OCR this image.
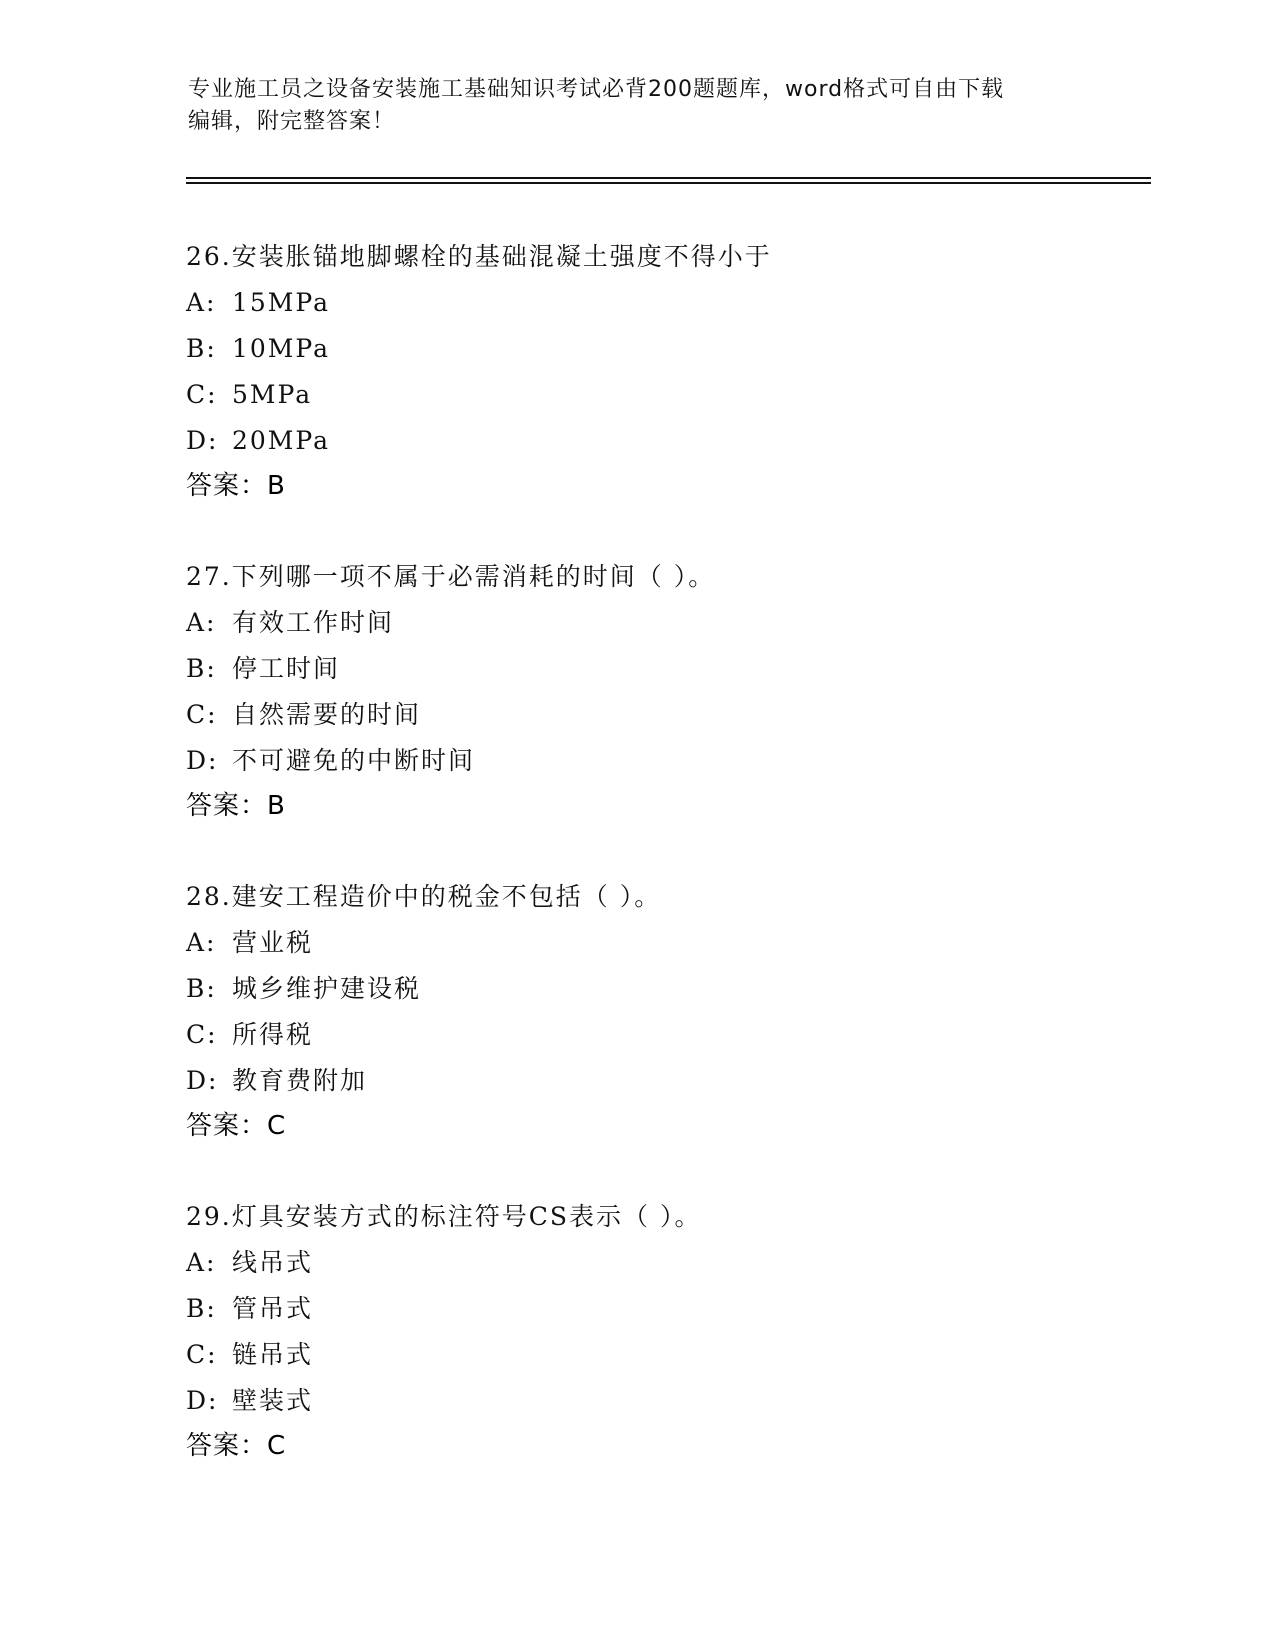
专业施工员之设备安装施工基础知识考试必背200题题库，word格式可自由下载
编辑，附完整答案！
26.安装胀锚地脚螺栓的基础混凝土强度不得小于
A: 15MPa
B: 10MPa
C: 5MPa
D: 20MPa
答案：B
27.下列哪一项不属于必需消耗的时间（ ）。
A: 有效工作时间
B: 停工时间
C: 自然需要的时间
D: 不可避免的中断时间
答案：B
28.建安工程造价中的税金不包括（ ）。
A: 营业税
B: 城乡维护建设税
C: 所得税
D: 教育费附加
答案：C
29.灯具安装方式的标注符号CS表示（ ）。
A: 线吊式
B: 管吊式
C: 链吊式
D: 壁装式
答案：C
